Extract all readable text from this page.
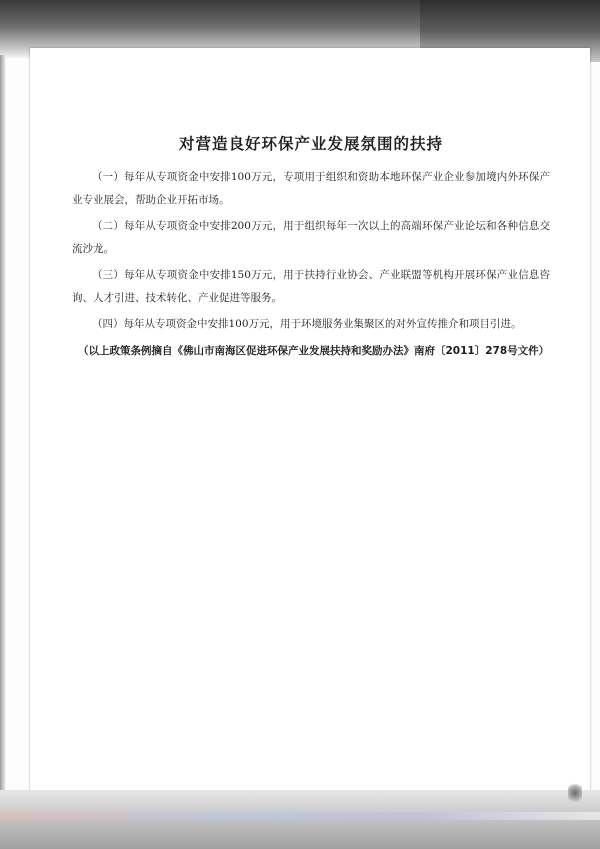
对营造良好环保产业发展氛围的扶持

（一）每年从专项资金中安排100万元，专项用于组织和资助本地环保产业企业参加境内外环保产业专业展会，帮助企业开拓市场。

（二）每年从专项资金中安排200万元，用于组织每年一次以上的高端环保产业论坛和各种信息交流沙龙。

（三）每年从专项资金中安排150万元，用于扶持行业协会、产业联盟等机构开展环保产业信息咨询、人才引进、技术转化、产业促进等服务。

（四）每年从专项资金中安排100万元，用于环境服务业集聚区的对外宣传推介和项目引进。

（以上政策条例摘自《佛山市南海区促进环保产业发展扶持和奖励办法》南府〔2011〕278号文件）
